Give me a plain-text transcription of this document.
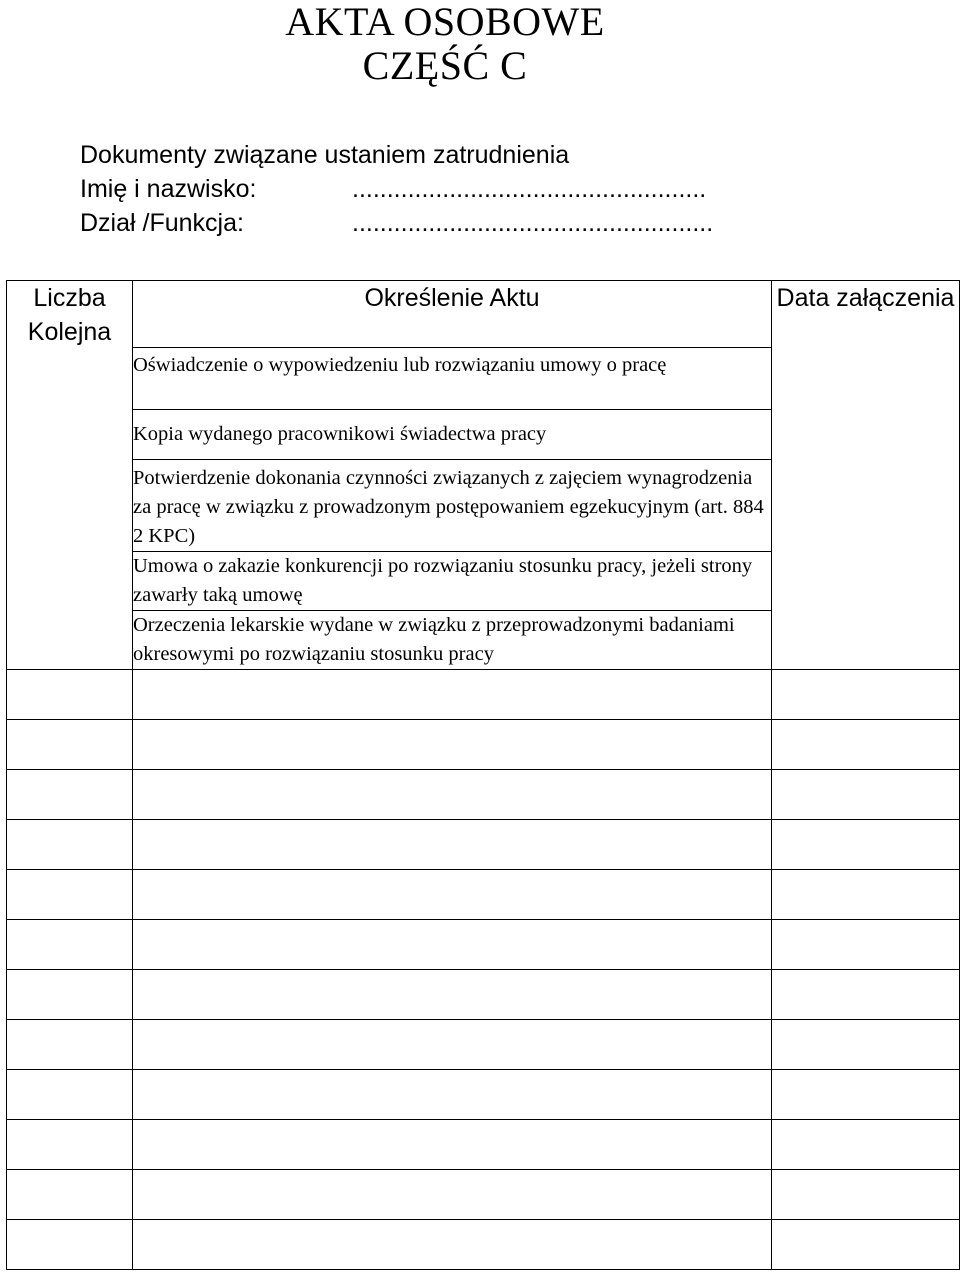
AKTA OSOBOWE
CZĘŚĆ C
Dokumenty związane ustaniem zatrudnienia
Imię i nazwisko:	...................................................
Dział /Funkcja:	....................................................
Liczba Kolejna	Określenie Aktu	Data załączenia
	Oświadczenie o wypowiedzeniu lub rozwiązaniu umowy o pracę	
	Kopia wydanego pracownikowi świadectwa pracy	
	Potwierdzenie dokonania czynności związanych z zajęciem wynagrodzenia za pracę w związku z prowadzonym postępowaniem egzekucyjnym (art. 884 2 KPC)	
	Umowa o zakazie konkurencji po rozwiązaniu stosunku pracy, jeżeli strony zawarły taką umowę	
	Orzeczenia lekarskie wydane w związku z przeprowadzonymi badaniami okresowymi po rozwiązaniu stosunku pracy	
